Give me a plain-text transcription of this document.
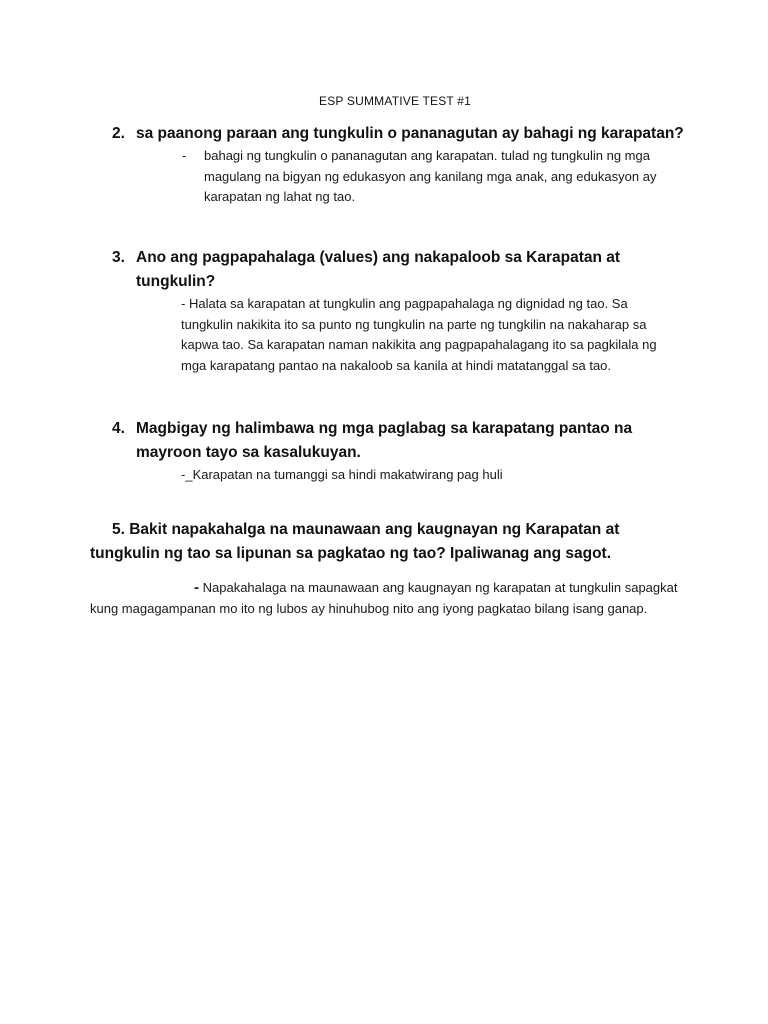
ESP SUMMATIVE TEST #1
2. sa paanong paraan ang tungkulin o pananagutan ay bahagi ng karapatan?
-	bahagi ng tungkulin o pananagutan ang karapatan. tulad ng tungkulin ng mga magulang na bigyan ng edukasyon ang kanilang mga anak, ang edukasyon ay karapatan ng lahat ng tao.
3. Ano ang pagpapahalaga (values) ang nakapaloob sa Karapatan at tungkulin?
- Halata sa karapatan at tungkulin ang pagpapahalaga ng dignidad ng tao. Sa tungkulin nakikita ito sa punto ng tungkulin na parte ng tungkilin na nakaharap sa kapwa tao. Sa karapatan naman nakikita ang pagpapahalagang ito sa pagkilala ng mga karapatang pantao na nakaloob sa kanila at hindi matatanggal sa tao.
4. Magbigay ng halimbawa ng mga paglabag sa karapatang pantao na mayroon tayo sa kasalukuyan.
-_Karapatan na tumanggi sa hindi makatwirang pag huli
5. Bakit napakahalga na maunawaan ang kaugnayan ng Karapatan at tungkulin ng tao sa lipunan sa pagkatao ng tao? Ipaliwanag ang sagot.
- Napakahalaga na maunawaan ang kaugnayan ng karapatan at tungkulin sapagkat kung magagampanan mo ito ng lubos ay hinuhubog nito ang iyong pagkatao bilang isang ganap.
